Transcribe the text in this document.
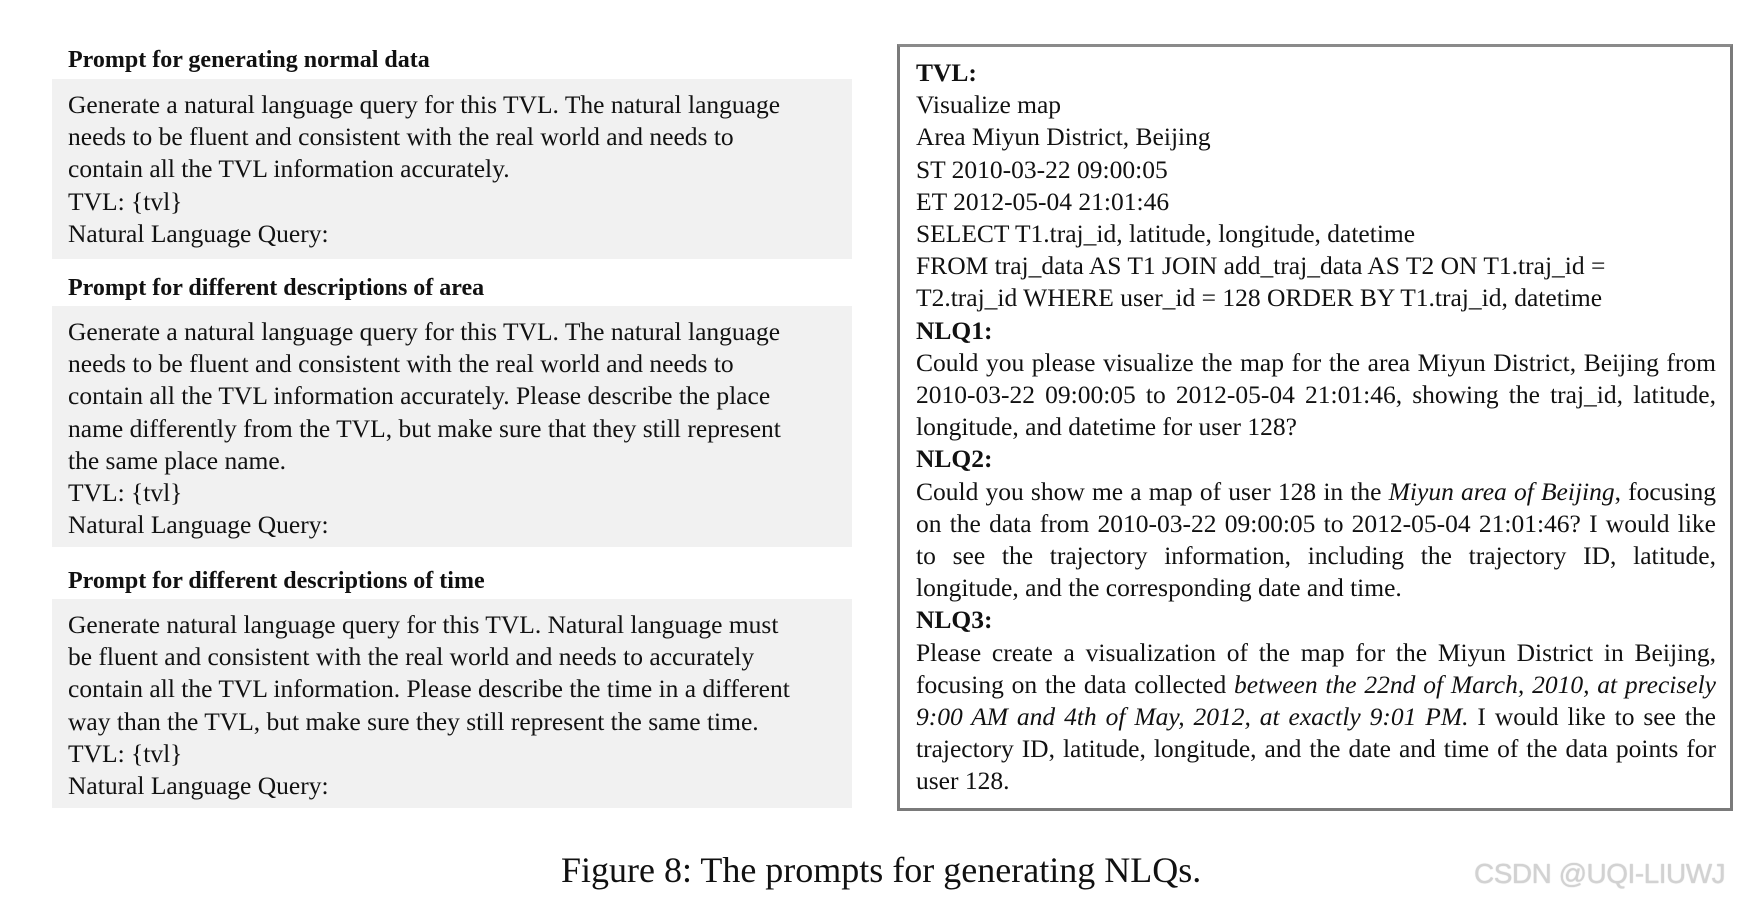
Prompt for generating normal data

Generate a natural language query for this TVL. The natural language

needs to be fluent and consistent with the real world and needs to

contain all the TVL information accurately.

TVL: {tvl}

Natural Language Query:

Prompt for different descriptions of area

Generate a natural language query for this TVL. The natural language

needs to be fluent and consistent with the real world and needs to

contain all the TVL information accurately. Please describe the place

name differently from the TVL, but make sure that they still represent

the same place name.

TVL: {tvl}

Natural Language Query:

Prompt for different descriptions of time

Generate natural language query for this TVL. Natural language must

be fluent and consistent with the real world and needs to accurately

contain all the TVL information. Please describe the time in a different

way than the TVL, but make sure they still represent the same time.

TVL: {tvl}

Natural Language Query:

TVL:
Visualize map
Area Miyun District, Beijing
ST 2010-03-22 09:00:05
ET 2012-05-04 21:01:46
SELECT T1.traj_id, latitude, longitude, datetime
FROM traj_data AS T1 JOIN add_traj_data AS T2 ON T1.traj_id =
T2.traj_id WHERE user_id = 128 ORDER BY T1.traj_id, datetime
NLQ1:
Could you please visualize the map for the area Miyun District, Beijing from 2010-03-22 09:00:05 to 2012-05-04 21:01:46, showing the traj_id, latitude, longitude, and datetime for user 128?
NLQ2:
Could you show me a map of user 128 in the Miyun area of Beijing, focusing on the data from 2010-03-22 09:00:05 to 2012-05-04 21:01:46? I would like to see the trajectory information, including the trajectory ID, latitude, longitude, and the corresponding date and time.
NLQ3:
Please create a visualization of the map for the Miyun District in Beijing, focusing on the data collected between the 22nd of March, 2010, at precisely 9:00 AM and 4th of May, 2012, at exactly 9:01 PM. I would like to see the trajectory ID, latitude, longitude, and the date and time of the data points for user 128.
Figure 8: The prompts for generating NLQs.	CSDN @UQI-LIUWJ
